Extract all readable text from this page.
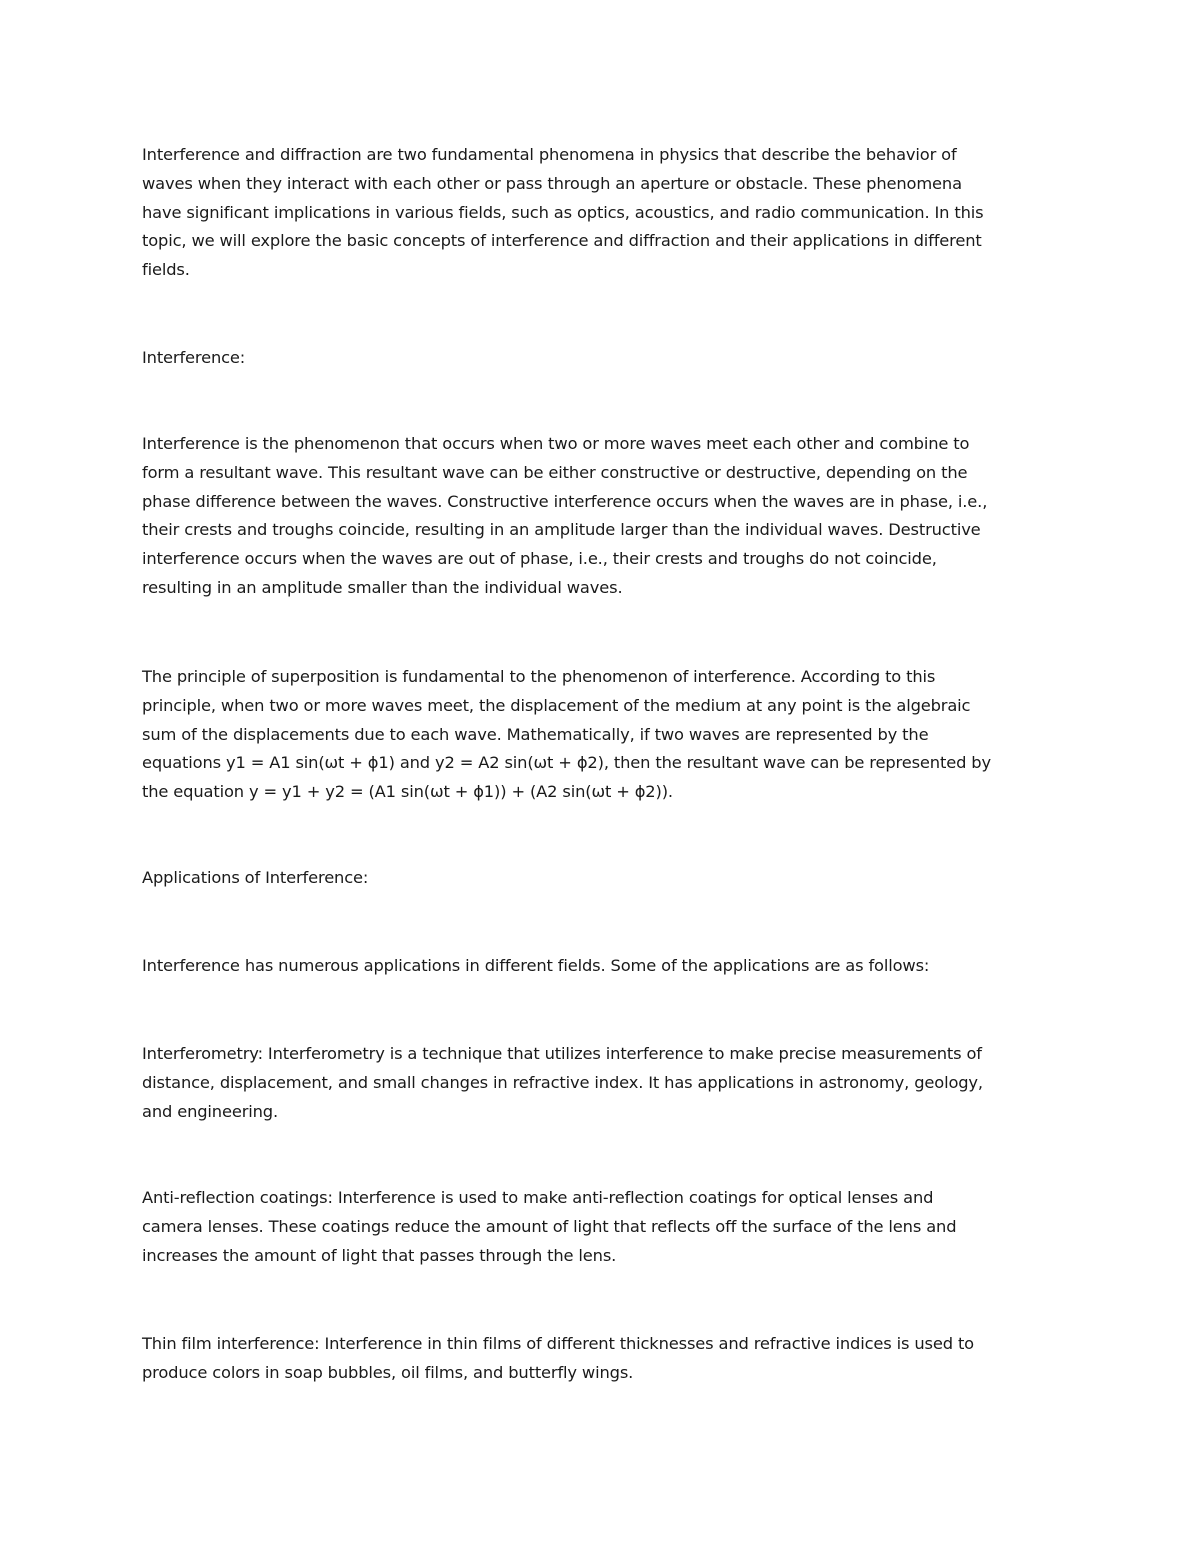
Interference and diffraction are two fundamental phenomena in physics that describe the behavior of
waves when they interact with each other or pass through an aperture or obstacle. These phenomena
have significant implications in various fields, such as optics, acoustics, and radio communication. In this
topic, we will explore the basic concepts of interference and diffraction and their applications in different
fields.

Interference:

Interference is the phenomenon that occurs when two or more waves meet each other and combine to
form a resultant wave. This resultant wave can be either constructive or destructive, depending on the
phase difference between the waves. Constructive interference occurs when the waves are in phase, i.e.,
their crests and troughs coincide, resulting in an amplitude larger than the individual waves. Destructive
interference occurs when the waves are out of phase, i.e., their crests and troughs do not coincide,
resulting in an amplitude smaller than the individual waves.

The principle of superposition is fundamental to the phenomenon of interference. According to this
principle, when two or more waves meet, the displacement of the medium at any point is the algebraic
sum of the displacements due to each wave. Mathematically, if two waves are represented by the
equations y1 = A1 sin(ωt + ϕ1) and y2 = A2 sin(ωt + ϕ2), then the resultant wave can be represented by
the equation y = y1 + y2 = (A1 sin(ωt + ϕ1)) + (A2 sin(ωt + ϕ2)).

Applications of Interference:

Interference has numerous applications in different fields. Some of the applications are as follows:

Interferometry: Interferometry is a technique that utilizes interference to make precise measurements of
distance, displacement, and small changes in refractive index. It has applications in astronomy, geology,
and engineering.

Anti-reflection coatings: Interference is used to make anti-reflection coatings for optical lenses and
camera lenses. These coatings reduce the amount of light that reflects off the surface of the lens and
increases the amount of light that passes through the lens.

Thin film interference: Interference in thin films of different thicknesses and refractive indices is used to
produce colors in soap bubbles, oil films, and butterfly wings.
